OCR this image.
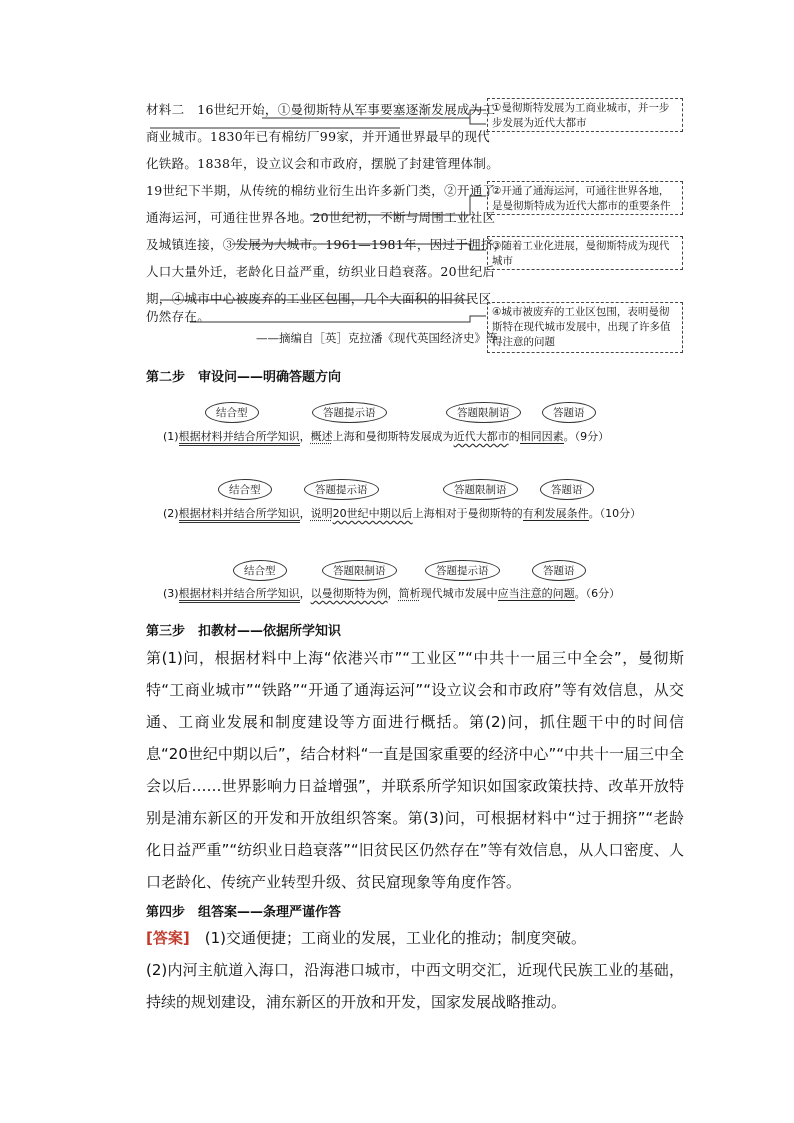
材料二　16世纪开始，①曼彻斯特从军事要塞逐渐发展成为工
商业城市。1830年已有棉纺厂99家，并开通世界最早的现代
化铁路。1838年，设立议会和市政府，摆脱了封建管理体制。
19世纪下半期，从传统的棉纺业衍生出许多新门类，②开通了
通海运河，可通往世界各地。20世纪初，不断与周围工业社区
及城镇连接，③发展为大城市。1961—1981年，因过于拥挤，
人口大量外迁，老龄化日益严重，纺织业日趋衰落。20世纪后
期，④城市中心被废弃的工业区包围，几个大面积的旧贫民区
仍然存在。
——摘编自［英］克拉潘《现代英国经济史》等
①曼彻斯特发展为工商业城市，并一步步发展为近代大都市
②开通了通海运河，可通往世界各地，是曼彻斯特成为近代大都市的重要条件
③随着工业化进展，曼彻斯特成为现代城市
④城市被废弃的工业区包围，表明曼彻斯特在现代城市发展中，出现了许多值得注意的问题
第二步　审设问——明确答题方向
结合型	答题提示语	答题限制语	答题语
(1)根据材料并结合所学知识，概述上海和曼彻斯特发展成为近代大都市的相同因素。（9分）
结合型	答题提示语	答题限制语	答题语
(2)根据材料并结合所学知识，说明20世纪中期以后上海相对于曼彻斯特的有利发展条件。（10分）
结合型	答题限制语	答题提示语	答题语
(3)根据材料并结合所学知识，以曼彻斯特为例，简析现代城市发展中应当注意的问题。（6分）
第三步　扣教材——依据所学知识

第(1)问，根据材料中上海“依港兴市”“工业区”“中共十一届三中全会”，曼彻斯特“工商业城市”“铁路”“开通了通海运河”“设立议会和市政府”等有效信息，从交通、工商业发展和制度建设等方面进行概括。第(2)问，抓住题干中的时间信息“20世纪中期以后”，结合材料“一直是国家重要的经济中心”“中共十一届三中全会以后……世界影响力日益增强”，并联系所学知识如国家政策扶持、改革开放特别是浦东新区的开发和开放组织答案。第(3)问，可根据材料中“过于拥挤”“老龄化日益严重”“纺织业日趋衰落”“旧贫民区仍然存在”等有效信息，从人口密度、人口老龄化、传统产业转型升级、贫民窟现象等角度作答。

第四步　组答案——条理严谨作答

[答案]　 (1)交通便捷；工商业的发展，工业化的推动；制度突破。

(2)内河主航道入海口，沿海港口城市，中西文明交汇，近现代民族工业的基础，持续的规划建设，浦东新区的开放和开发，国家发展战略推动。
